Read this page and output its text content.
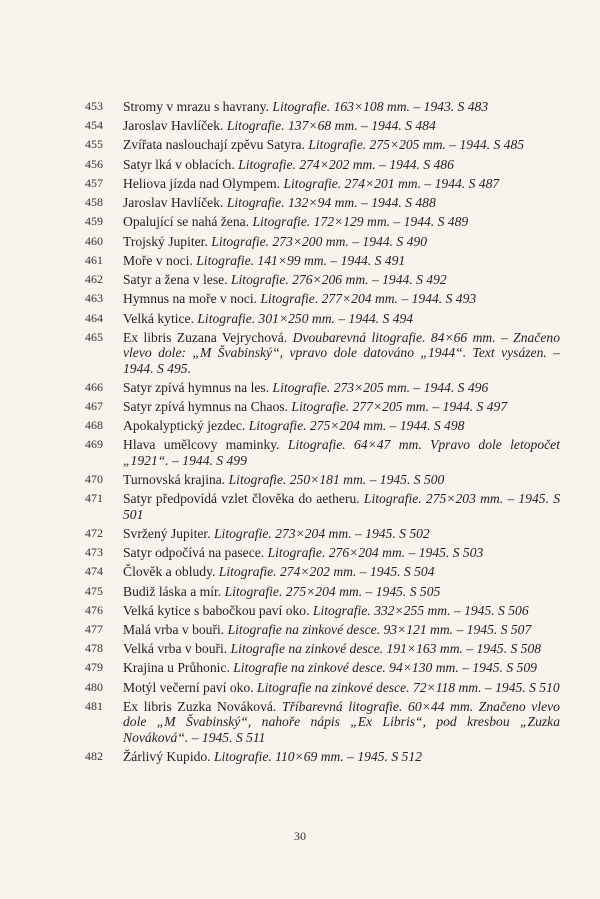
453	Stromy v mrazu s havrany. Litografie. 163×108 mm. – 1943. S 483
454	Jaroslav Havlíček. Litografie. 137×68 mm. – 1944. S 484
455	Zvířata naslouchají zpěvu Satyra. Litografie. 275×205 mm. – 1944. S 485
456	Satyr lká v oblacích. Litografie. 274×202 mm. – 1944. S 486
457	Heliova jízda nad Olympem. Litografie. 274×201 mm. – 1944. S 487
458	Jaroslav Havlíček. Litografie. 132×94 mm. – 1944. S 488
459	Opalující se nahá žena. Litografie. 172×129 mm. – 1944. S 489
460	Trojský Jupiter. Litografie. 273×200 mm. – 1944. S 490
461	Moře v noci. Litografie. 141×99 mm. – 1944. S 491
462	Satyr a žena v lese. Litografie. 276×206 mm. – 1944. S 492
463	Hymnus na moře v noci. Litografie. 277×204 mm. – 1944. S 493
464	Velká kytice. Litografie. 301×250 mm. – 1944. S 494
465	Ex libris Zuzana Vejrychová. Dvoubarevná litografie. 84×66 mm. – Značeno vlevo dole: „M Švabinský“, vpravo dole datováno „1944“. Text vysázen. – 1944. S 495.
466	Satyr zpívá hymnus na les. Litografie. 273×205 mm. – 1944. S 496
467	Satyr zpívá hymnus na Chaos. Litografie. 277×205 mm. – 1944. S 497
468	Apokalyptický jezdec. Litografie. 275×204 mm. – 1944. S 498
469	Hlava umělcovy maminky. Litografie. 64×47 mm. Vpravo dole letopočet „1921“. – 1944. S 499
470	Turnovská krajina. Litografie. 250×181 mm. – 1945. S 500
471	Satyr předpovídá vzlet člověka do aetheru. Litografie. 275×203 mm. – 1945. S 501
472	Svržený Jupiter. Litografie. 273×204 mm. – 1945. S 502
473	Satyr odpočívá na pasece. Litografie. 276×204 mm. – 1945. S 503
474	Člověk a obludy. Litografie. 274×202 mm. – 1945. S 504
475	Budiž láska a mír. Litografie. 275×204 mm. – 1945. S 505
476	Velká kytice s babočkou paví oko. Litografie. 332×255 mm. – 1945. S 506
477	Malá vrba v bouři. Litografie na zinkové desce. 93×121 mm. – 1945. S 507
478	Velká vrba v bouři. Litografie na zinkové desce. 191×163 mm. – 1945. S 508
479	Krajina u Průhonic. Litografie na zinkové desce. 94×130 mm. – 1945. S 509
480	Motýl večerní paví oko. Litografie na zinkové desce. 72×118 mm. – 1945. S 510
481	Ex libris Zuzka Nováková. Tříbarevná litografie. 60×44 mm. Značeno vlevo dole „M Švabinský“, nahoře nápis „Ex Libris“, pod kresbou „Zuzka Nováková“. – 1945. S 511
482	Žárlivý Kupido. Litografie. 110×69 mm. – 1945. S 512
30
